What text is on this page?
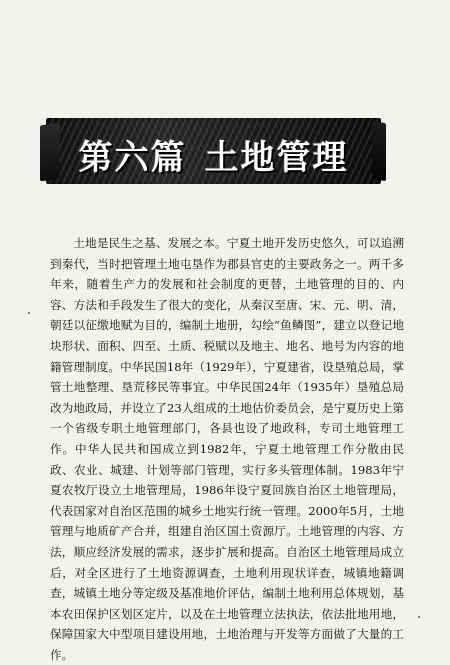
第六篇 土地管理

土地是民生之基、发展之本。宁夏土地开发历史悠久，可以追溯到秦代，当时把管理土地屯垦作为郡县官吏的主要政务之一。两千多年来，随着生产力的发展和社会制度的更替，土地管理的目的、内容、方法和手段发生了很大的变化，从秦汉至唐、宋、元、明、清，朝廷以征缴地赋为目的，编制土地册，勾绘“鱼鳞图”，建立以登记地块形状、面积、四至、土质、税赋以及地主、地名、地号为内容的地籍管理制度。中华民国18年（1929年），宁夏建省，设垦殖总局，掌管土地整理、垦荒移民等事宜。中华民国24年（1935年）垦殖总局改为地政局，并设立了23人组成的土地估价委员会，是宁夏历史上第一个省级专职土地管理部门，各县也设了地政科，专司土地管理工作。中华人民共和国成立到1982年，宁夏土地管理工作分散由民政、农业、城建、计划等部门管理，实行多头管理体制。1983年宁夏农牧厅设立土地管理局，1986年设宁夏回族自治区土地管理局，代表国家对自治区范围的城乡土地实行统一管理。2000年5月，土地管理与地质矿产合并，组建自治区国土资源厅。土地管理的内容、方法，顺应经济发展的需求，逐步扩展和提高。自治区土地管理局成立后，对全区进行了土地资源调查，土地利用现状详查，城镇地籍调查，城镇土地分等定级及基准地价评估，编制土地利用总体规划，基本农田保护区划区定片，以及在土地管理立法执法，依法批地用地，保障国家大中型项目建设用地，土地治理与开发等方面做了大量的工作。
